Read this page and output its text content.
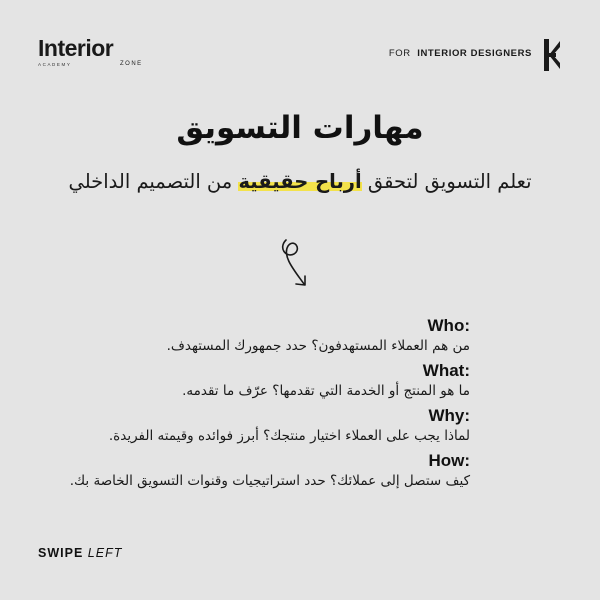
Interior
ACADEMY	ZONE
FOR INTERIOR DESIGNERS
مهارات التسويق
تعلم التسويق لتحقق أرباح حقيقية من التصميم الداخلي
Who:
من هم العملاء المستهدفون؟ حدد جمهورك المستهدف.
What:
ما هو المنتج أو الخدمة التي تقدمها؟ عرّف ما تقدمه.
Why:
لماذا يجب على العملاء اختيار منتجك؟ أبرز فوائده وقيمته الفريدة.
How:
كيف ستصل إلى عملائك؟ حدد استراتيجيات وقنوات التسويق الخاصة بك.
SWIPE LEFT
